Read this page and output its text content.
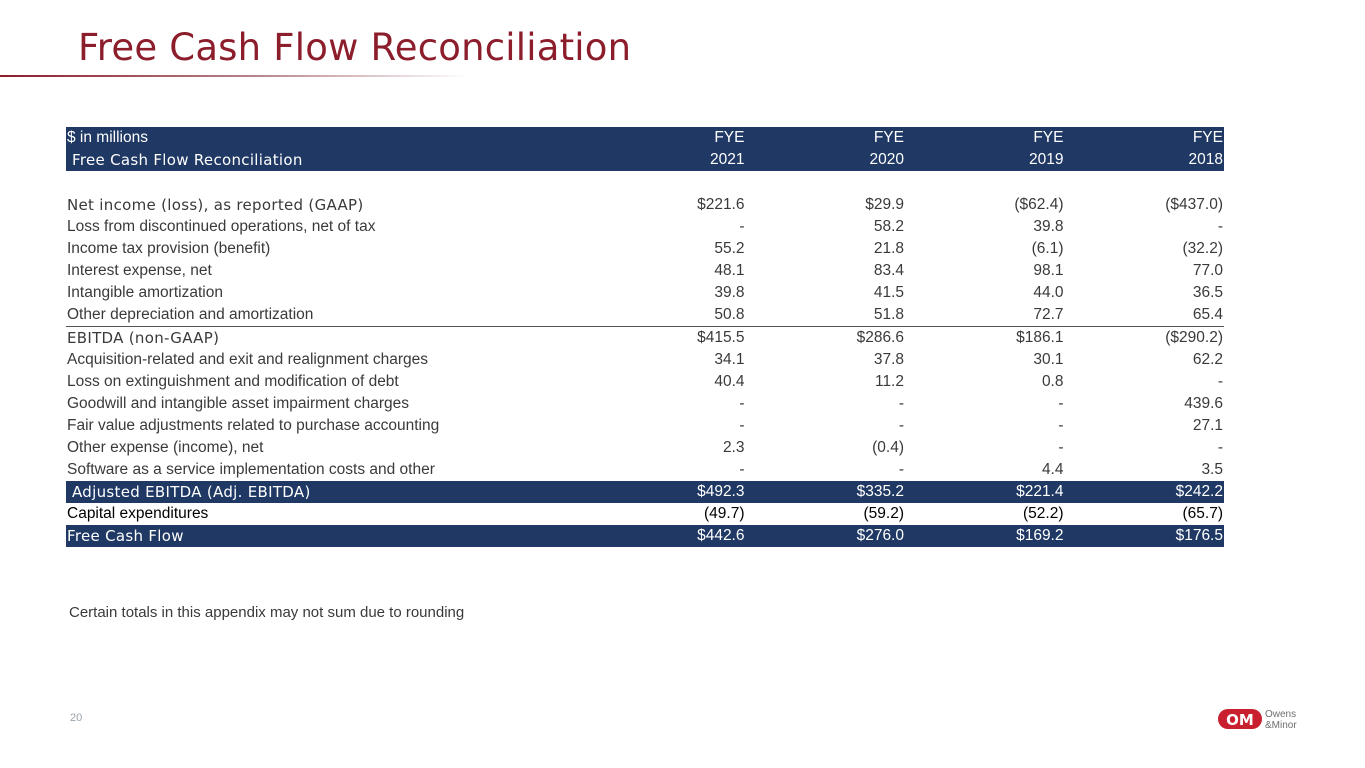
Free Cash Flow Reconciliation
$ in millions	FYE	FYE	FYE	FYE
Free Cash Flow Reconciliation	2021	2020	2019	2018

Net income (loss), as reported (GAAP)	$221.6	$29.9	($62.4)	($437.0)
Loss from discontinued operations, net of tax	-	58.2	39.8	-
Income tax provision (benefit)	55.2	21.8	(6.1)	(32.2)
Interest expense, net	48.1	83.4	98.1	77.0
Intangible amortization	39.8	41.5	44.0	36.5
Other depreciation and amortization	50.8	51.8	72.7	65.4
EBITDA (non-GAAP)	$415.5	$286.6	$186.1	($290.2)
Acquisition-related and exit and realignment charges	34.1	37.8	30.1	62.2
Loss on extinguishment and modification of debt	40.4	11.2	0.8	-
Goodwill and intangible asset impairment charges	-	-	-	439.6
Fair value adjustments related to purchase accounting	-	-	-	27.1
Other expense (income), net	2.3	(0.4)	-	-
Software as a service implementation costs and other	-	-	4.4	3.5
Adjusted EBITDA (Adj. EBITDA)	$492.3	$335.2	$221.4	$242.2
Capital expenditures	(49.7)	(59.2)	(52.2)	(65.7)
Free Cash Flow	$442.6	$276.0	$169.2	$176.5

Certain totals in this appendix may not sum due to rounding

20	OM Owens
&Minor
